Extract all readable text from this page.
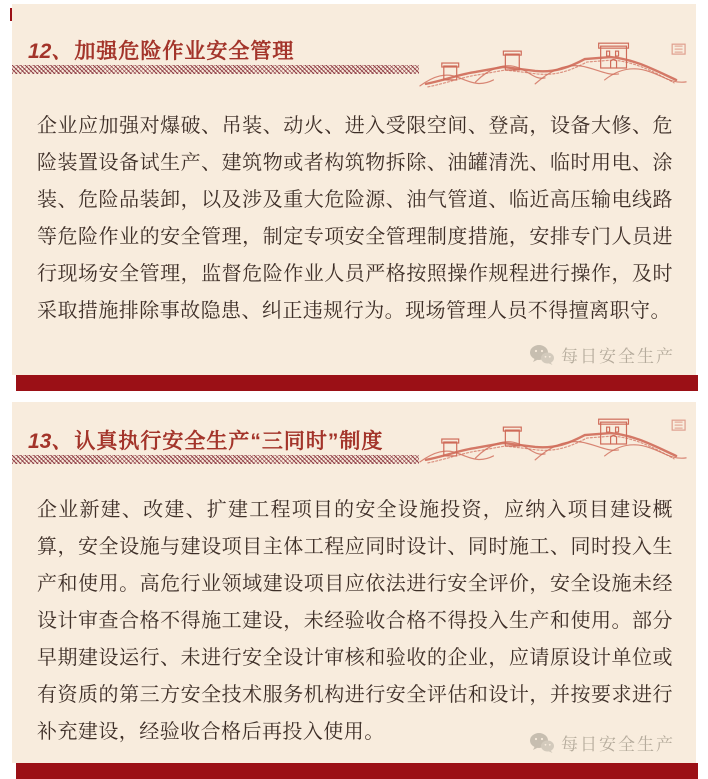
12、加强危险作业安全管理
企业应加强对爆破、吊装、动火、进入受限空间、登高，设备大修、危险装置设备试生产、建筑物或者构筑物拆除、油罐清洗、临时用电、涂装、危险品装卸，以及涉及重大危险源、油气管道、临近高压输电线路等危险作业的安全管理，制定专项安全管理制度措施，安排专门人员进行现场安全管理，监督危险作业人员严格按照操作规程进行操作，及时采取措施排除事故隐患、纠正违规行为。现场管理人员不得擅离职守。
每日安全生产
13、认真执行安全生产“三同时”制度
企业新建、改建、扩建工程项目的安全设施投资，应纳入项目建设概算，安全设施与建设项目主体工程应同时设计、同时施工、同时投入生产和使用。高危行业领域建设项目应依法进行安全评价，安全设施未经设计审查合格不得施工建设，未经验收合格不得投入生产和使用。部分早期建设运行、未进行安全设计审核和验收的企业，应请原设计单位或有资质的第三方安全技术服务机构进行安全评估和设计，并按要求进行补充建设，经验收合格后再投入使用。
每日安全生产
